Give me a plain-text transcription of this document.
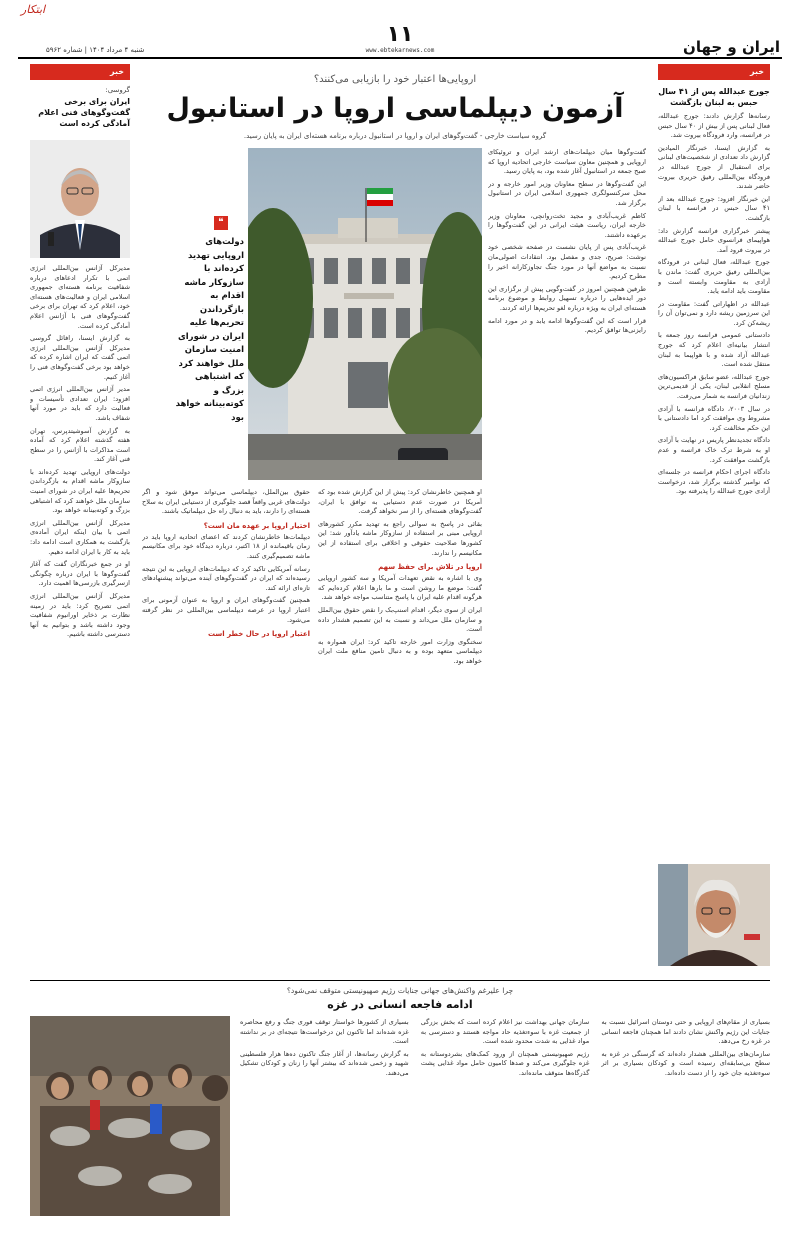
ابتکار
شنبه ۴ مرداد ۱۴۰۴ | شماره ۵۹۶۲
۱۱
www.ebtekarnews.com	ایران و جهان
خبر
گروسی:
ایران برای برخی گفت‌وگوهای فنی اعلام آمادگی کرده است

مدیرکل آژانس بین‌المللی انرژی اتمی با تکرار ادعاهای درباره شفافیت برنامه هسته‌ای جمهوری اسلامی ایران و فعالیت‌های هسته‌ای خود، اعلام کرد که تهران برای برخی گفت‌وگوهای فنی با آژانس اعلام آمادگی کرده است.

به گزارش ایسنا، رافائل گروسی مدیرکل آژانس بین‌المللی انرژی اتمی گفت که ایران اشاره کرده که خواهد بود برخی گفت‌وگوهای فنی را آغاز کنیم.

مدیر آژانس بین‌المللی انرژی اتمی افزود: ایران تعدادی تأسیسات و فعالیت دارد که باید در مورد آنها شفاف باشد.

به گزارش آسوشیتدپرس، تهران هفته گذشته اعلام کرد که آماده است مذاکرات با آژانس را در سطح فنی آغاز کند.

دولت‌های اروپایی تهدید کرده‌اند با سازوکار ماشه اقدام به بازگرداندن تحریم‌ها علیه ایران در شورای امنیت سازمان ملل خواهند کرد که اشتباهی بزرگ و کوته‌بینانه خواهد بود.

مدیرکل آژانس بین‌المللی انرژی اتمی با بیان اینکه ایران آماده‌ی بازگشت به همکاری است ادامه داد: باید به کار با ایران ادامه دهیم.

او در جمع خبرنگاران گفت که آغاز گفت‌وگوها با ایران درباره چگونگی ازسرگیری بازرسی‌ها اهمیت دارد.

مدیرکل آژانس بین‌المللی انرژی اتمی تصریح کرد: باید در زمینه نظارت بر ذخایر اورانیوم شفافیت وجود داشته باشد و بتوانیم به آنها دسترسی داشته باشیم.

خبر
جورج عبدالله پس از ۴۱ سال حبس به لبنان بازگشت

رسانه‌ها گزارش دادند: جورج عبدالله، فعال لبنانی پس از بیش از ۴۰ سال حبس در فرانسه، وارد فرودگاه بیروت شد.

به گزارش ایسنا، خبرنگار المیادین گزارش داد تعدادی از شخصیت‌های لبنانی برای استقبال از جورج عبدالله در فرودگاه بین‌المللی رفیق حریری بیروت حاضر شدند.

این خبرنگار افزود: جورج عبدالله بعد از ۴۱ سال حبس در فرانسه با لبنان بازگشت.

پیشتر خبرگزاری فرانسه گزارش داد: هواپیمای فرانسوی حامل جورج عبدالله در بیروت فرود آمد.

جورج عبدالله، فعال لبنانی در فرودگاه بین‌المللی رفیق حریری گفت: ماندن با آزادی به مقاومت وابسته است و مقاومت باید ادامه یابد.

عبدالله در اظهاراتی گفت: مقاومت در این سرزمین ریشه دارد و نمی‌توان آن را ریشه‌کن کرد.

دادستانی عمومی فرانسه روز جمعه با انتشار بیانیه‌ای اعلام کرد که جورج عبدالله آزاد شده و با هواپیما به لبنان منتقل شده است.

جورج عبدالله، عضو سابق فراکسیون‌های مسلح انقلابی لبنان، یکی از قدیمی‌ترین زندانیان فرانسه به شمار می‌رفت.

در سال ۲۰۰۳، دادگاه فرانسه با آزادی مشروط وی موافقت کرد اما دادستانی با این حکم مخالفت کرد.

دادگاه تجدیدنظر پاریس در نهایت با آزادی او به شرط ترک خاک فرانسه و عدم بازگشت موافقت کرد.

دادگاه اجرای احکام فرانسه در جلسه‌ای که نوامبر گذشته برگزار شد، درخواست آزادی جورج عبدالله را پذیرفته بود.

اروپایی‌ها اعتبار خود را بازیابی می‌کنند؟
آزمون دیپلماسی اروپا در استانبول
گروه سیاست خارجی - گفت‌وگوهای ایران و اروپا در استانبول درباره برنامه هسته‌ای ایران به پایان رسید.
❝
دولت‌های اروپایی تهدید کرده‌اند با سازوکار ماشه اقدام به بازگرداندن تحریم‌ها علیه ایران در شورای امنیت سازمان ملل خواهند کرد که اشتباهی بزرگ و کوته‌بینانه خواهد بود

گفت‌وگوها میان دیپلمات‌های ارشد ایران و تروئیکای اروپایی و همچنین معاون سیاست خارجی اتحادیه اروپا که صبح جمعه در استانبول آغاز شده بود، به پایان رسید.

این گفت‌وگوها در سطح معاونان وزیر امور خارجه و در محل سرکنسولگری جمهوری اسلامی ایران در استانبول برگزار شد.

کاظم غریب‌آبادی و مجید تخت‌روانچی، معاونان وزیر خارجه ایران، ریاست هیئت ایرانی در این گفت‌وگوها را برعهده داشتند.

غریب‌آبادی پس از پایان نشست در صفحه شخصی خود نوشت: صریح، جدی و مفصل بود. انتقادات اصولی‌مان نسبت به مواضع آنها در مورد جنگ تجاوزکارانه اخیر را مطرح کردیم.

طرفین همچنین امروز در گفت‌وگویی پیش از برگزاری این دور ایده‌هایی را درباره تسهیل روابط و موضوع برنامه هسته‌ای ایران به ویژه درباره لغو تحریم‌ها ارائه کردند.

قرار است که این گفت‌وگوها ادامه یابد و در مورد ادامه رایزنی‌ها توافق کردیم.

او همچنین خاطرنشان کرد: پیش از این گزارش شده بود که آمریکا در صورت عدم دستیابی به توافق با ایران، گفت‌وگوهای هسته‌ای را از سر نخواهد گرفت.

بقائی در پاسخ به سوالی راجع به تهدید مکرر کشورهای اروپایی مبنی بر استفاده از سازوکار ماشه یادآور شد: این کشورها صلاحیت حقوقی و اخلاقی برای استفاده از این مکانیسم را ندارند.

اروپا در تلاش برای حفظ سهم

وی با اشاره به نقض تعهدات آمریکا و سه کشور اروپایی گفت: موضع ما روشن است و ما بارها اعلام کرده‌ایم که هرگونه اقدام علیه ایران با پاسخ متناسب مواجه خواهد شد.

ایران از سوی دیگر، اقدام اسنپ‌بک را نقض حقوق بین‌الملل و سازمان ملل می‌داند و نسبت به این تصمیم هشدار داده است.

سخنگوی وزارت امور خارجه تاکید کرد: ایران همواره به دیپلماسی متعهد بوده و به دنبال تامین منافع ملت ایران خواهد بود.

حقوق بین‌الملل، دیپلماسی می‌تواند موفق شود و اگر دولت‌های غربی واقعاً قصد جلوگیری از دستیابی ایران به سلاح هسته‌ای را دارند، باید به دنبال راه حل دیپلماتیک باشند.

اختیار اروپا بر عهده مان است؟

دیپلمات‌ها خاطرنشان کردند که اعضای اتحادیه اروپا باید در زمان باقیمانده از ۱۸ اکتبر، درباره دیدگاه خود برای مکانیسم ماشه تصمیم‌گیری کنند.

رسانه آمریکایی تاکید کرد که دیپلمات‌های اروپایی به این نتیجه رسیده‌اند که ایران در گفت‌وگوهای آینده می‌تواند پیشنهادهای تازه‌ای ارائه کند.

همچنین گفت‌وگوهای ایران و اروپا به عنوان آزمونی برای اعتبار اروپا در عرصه دیپلماسی بین‌المللی در نظر گرفته می‌شود.

اعتبار اروپا در حال خطر است
چرا علیرغم واکنش‌های جهانی جنایات رژیم صهیونیستی متوقف نمی‌شود؟
ادامه فاجعه انسانی در غزه

بسیاری از مقام‌های اروپایی و حتی دوستان اسرائیل نسبت به جنایات این رژیم واکنش نشان دادند اما همچنان فاجعه انسانی در غزه رخ می‌دهد.

سازمان‌های بین‌المللی هشدار داده‌اند که گرسنگی در غزه به سطح بی‌سابقه‌ای رسیده است و کودکان بسیاری بر اثر سوءتغذیه جان خود را از دست داده‌اند.

سازمان جهانی بهداشت نیز اعلام کرده است که بخش بزرگی از جمعیت غزه با سوءتغذیه حاد مواجه هستند و دسترسی به مواد غذایی به شدت محدود شده است.

رژیم صهیونیستی همچنان از ورود کمک‌های بشردوستانه به غزه جلوگیری می‌کند و صدها کامیون حامل مواد غذایی پشت گذرگاه‌ها متوقف مانده‌اند.

بسیاری از کشورها خواستار توقف فوری جنگ و رفع محاصره غزه شده‌اند اما تاکنون این درخواست‌ها نتیجه‌ای در بر نداشته است.

به گزارش رسانه‌ها، از آغاز جنگ تاکنون ده‌ها هزار فلسطینی شهید و زخمی شده‌اند که بیشتر آنها را زنان و کودکان تشکیل می‌دهند.
